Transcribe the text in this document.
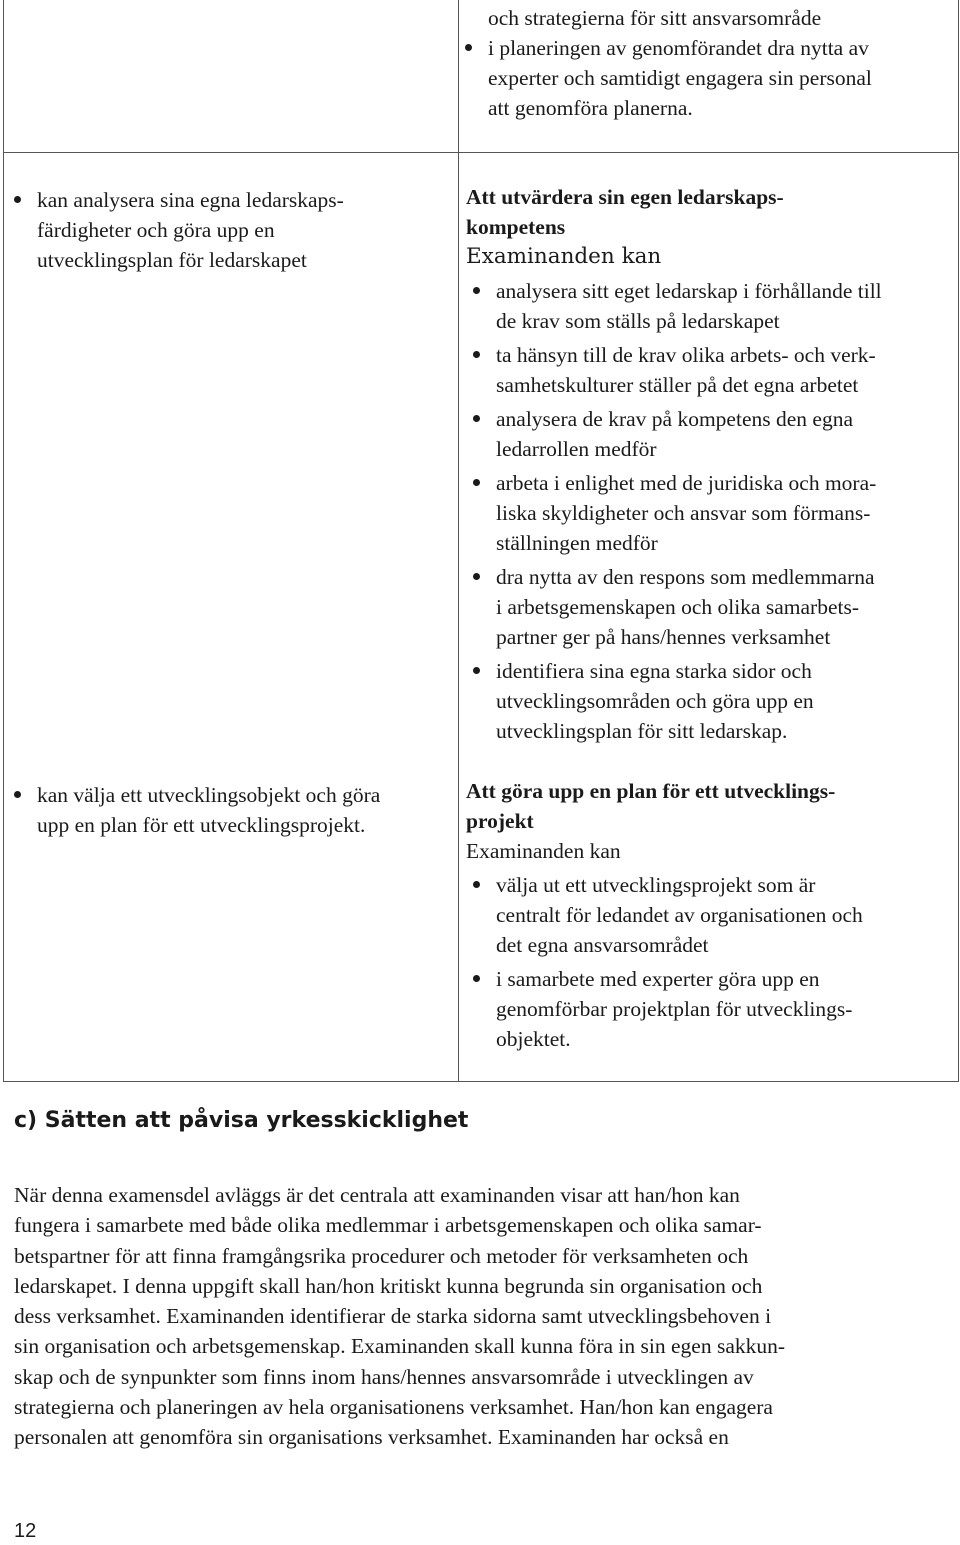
och strategierna för sitt ansvarsområde
i planeringen av genomförandet dra nytta av
experter och samtidigt engagera sin personal
att genomföra planerna.
kan analysera sina egna ledarskaps-
färdigheter och göra upp en
utvecklingsplan för ledarskapet
kan välja ett utvecklingsobjekt och göra
upp en plan för ett utvecklingsprojekt.
Att utvärdera sin egen ledarskaps-
kompetens
Examinanden kan
analysera sitt eget ledarskap i förhållande till
de krav som ställs på ledarskapet
ta hänsyn till de krav olika arbets- och verk-
samhetskulturer ställer på det egna arbetet
analysera de krav på kompetens den egna
ledarrollen medför
arbeta i enlighet med de juridiska och mora-
liska skyldigheter och ansvar som förmans-
ställningen medför
dra nytta av den respons som medlemmarna
i arbetsgemenskapen och olika samarbets-
partner ger på hans/hennes verksamhet
identifiera sina egna starka sidor och
utvecklingsområden och göra upp en
utvecklingsplan för sitt ledarskap.
Att göra upp en plan för ett utvecklings-
projekt
Examinanden kan
välja ut ett utvecklingsprojekt som är
centralt för ledandet av organisationen och
det egna ansvarsområdet
i samarbete med experter göra upp en
genomförbar projektplan för utvecklings-
objektet.
c) Sätten att påvisa yrkesskicklighet
När denna examensdel avläggs är det centrala att examinanden visar att han/hon kan
fungera i samarbete med både olika medlemmar i arbetsgemenskapen och olika samar-
betspartner för att finna framgångsrika procedurer och metoder för verksamheten och
ledarskapet. I denna uppgift skall han/hon kritiskt kunna begrunda sin organisation och
dess verksamhet. Examinanden identifierar de starka sidorna samt utvecklingsbehoven i
sin organisation och arbetsgemenskap. Examinanden skall kunna föra in sin egen sakkun-
skap och de synpunkter som finns inom hans/hennes ansvarsområde i utvecklingen av
strategierna och planeringen av hela organisationens verksamhet. Han/hon kan engagera
personalen att genomföra sin organisations verksamhet. Examinanden har också en
12
